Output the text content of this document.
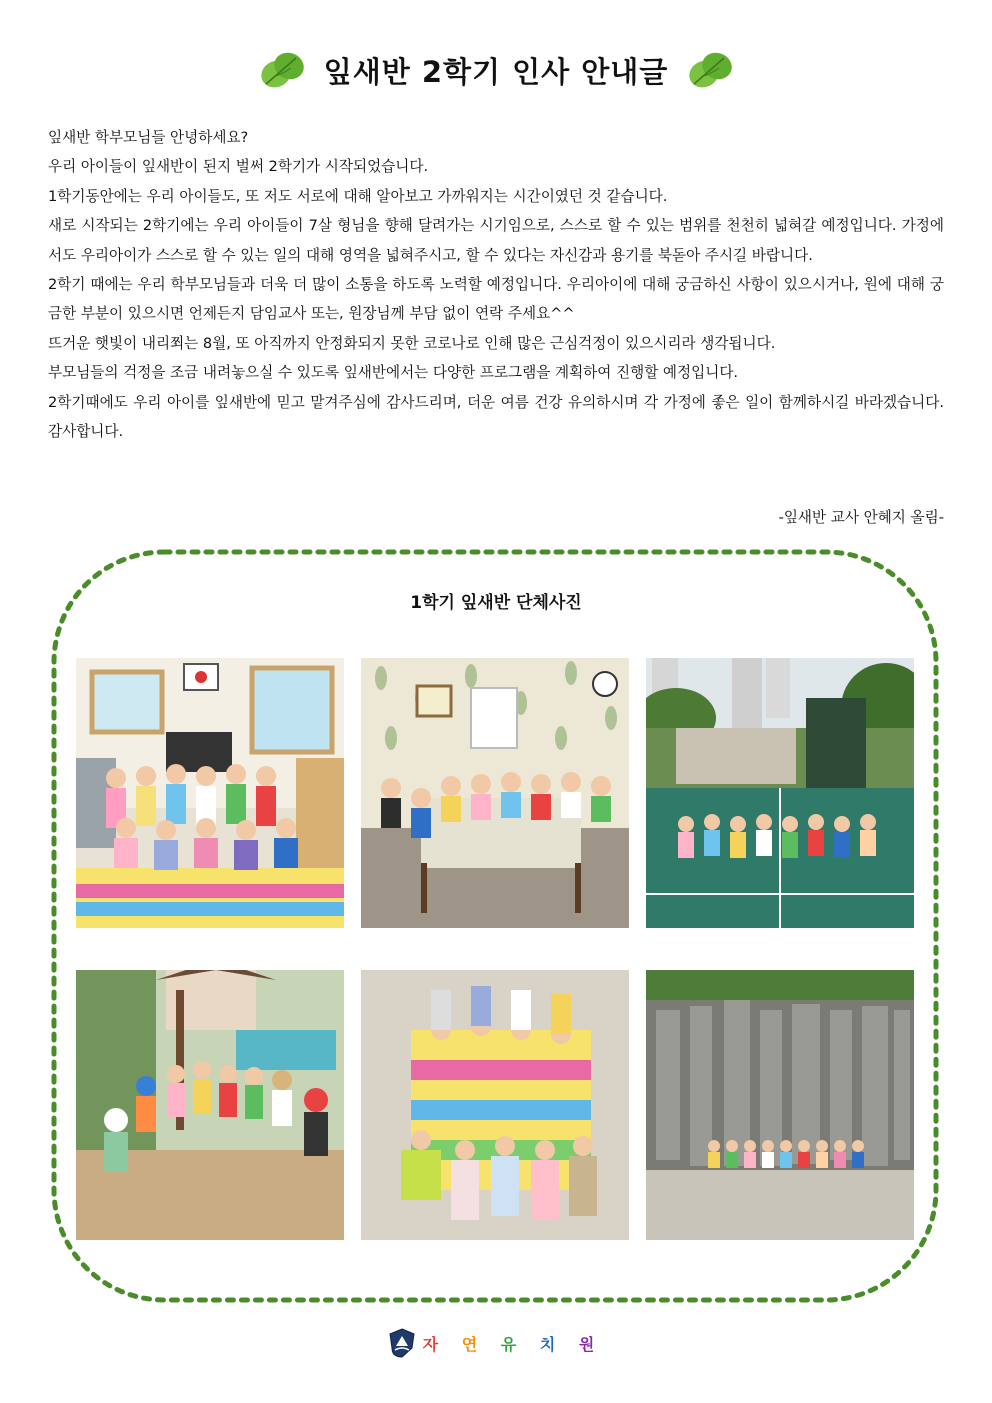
잎새반 2학기 인사 안내글

잎새반 학부모님들 안녕하세요?

우리 아이들이 잎새반이 된지 벌써 2학기가 시작되었습니다.

1학기동안에는 우리 아이들도, 또 저도 서로에 대해 알아보고 가까워지는 시간이였던 것 같습니다.

새로 시작되는 2학기에는 우리 아이들이 7살 형님을 향해 달려가는 시기임으로, 스스로 할 수 있는 범위를 천천히 넓혀갈 예정입니다. 가정에서도 우리아이가 스스로 할 수 있는 일의 대해 영역을 넓혀주시고, 할 수 있다는 자신감과 용기를 북돋아 주시길 바랍니다.

2학기 때에는 우리 학부모님들과 더욱 더 많이 소통을 하도록 노력할 예정입니다. 우리아이에 대해 궁금하신 사항이 있으시거나, 원에 대해 궁금한 부분이 있으시면 언제든지 담임교사 또는, 원장님께 부담 없이 연락 주세요^^

뜨거운 햇빛이 내리쬐는 8월, 또 아직까지 안정화되지 못한 코로나로 인해 많은 근심걱정이 있으시리라 생각됩니다.

부모님들의 걱정을 조금 내려놓으실 수 있도록 잎새반에서는 다양한 프로그램을 계획하여 진행할 예정입니다.

2학기때에도 우리 아이를 잎새반에 믿고 맡겨주심에 감사드리며, 더운 여름 건강 유의하시며 각 가정에 좋은 일이 함께하시길 바라겠습니다. 감사합니다.

-잎새반 교사 안혜지 올림-
1학기 잎새반 단체사진
자 연 유 치 원
